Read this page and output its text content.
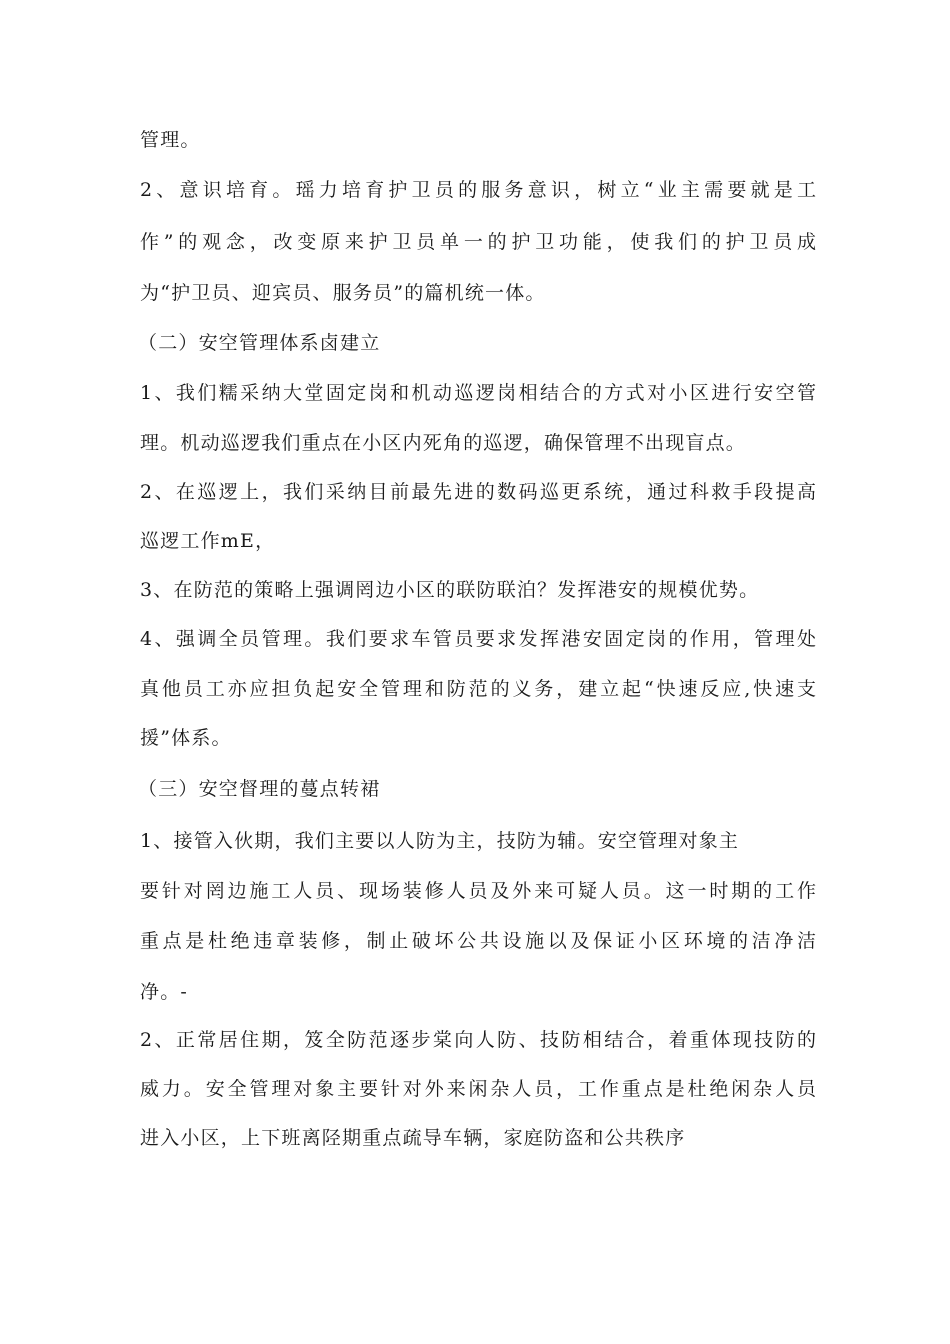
管理。
2、意识培育。瑶力培育护卫员的服务意识，树立“业主需要就是工
作”的观念，改变原来护卫员单一的护卫功能，使我们的护卫员成
为“护卫员、迎宾员、服务员”的篇机统一体。
（二）安空管理体系卤建立
1、我们糯采纳大堂固定岗和机动巡逻岗相结合的方式对小区进行安空管
理。机动巡逻我们重点在小区内死角的巡逻，确保管理不出现盲点。
2、在巡逻上，我们采纳目前最先进的数码巡更系统，通过科救手段提高
巡逻工作mE，
3、在防范的策略上强调罔边小区的联防联泊？发挥港安的规模优势。
4、强调全员管理。我们要求车管员要求发挥港安固定岗的作用，管理处
真他员工亦应担负起安全管理和防范的义务，建立起“快速反应,快速支
援”体系。
（三）安空督理的蔓点转裙
1、接管入伙期，我们主要以人防为主，技防为辅。安空管理对象主
要针对罔边施工人员、现场装修人员及外来可疑人员。这一时期的工作
重点是杜绝违章装修，制止破坏公共设施以及保证小区环境的洁净洁
净。-
2、正常居住期，笈全防范逐步棠向人防、技防相结合，着重体现技防的
威力。安全管理对象主要针对外来闲杂人员，工作重点是杜绝闲杂人员
进入小区，上下班离陉期重点疏导车辆，家庭防盗和公共秩序
